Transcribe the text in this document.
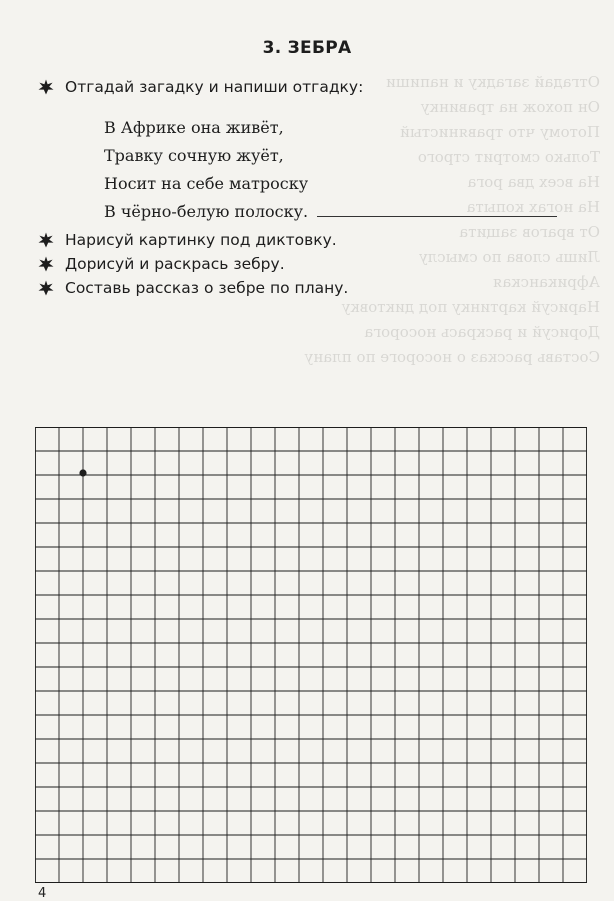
Отгадай загадку и напиши
Он похож на травинку
Потому что травянистый
Только смотрит строго
На всех два рога
На ногах копыта
От врагов защита
Лишь слова по смыслу
Африканская
Нарисуй картинку под диктовку
Дорисуй и раскрась носорога
Составь рассказ о носороге по плану
3. ЗЕБРА
Отгадай загадку и напиши отгадку:
В Африке она живёт,
Травку сочную жуёт,
Носит на себе матроску
В чёрно-белую полоску.
Нарисуй картинку под диктовку.
Дорисуй и раскрась зебру.
Составь рассказ о зебре по плану.
4
